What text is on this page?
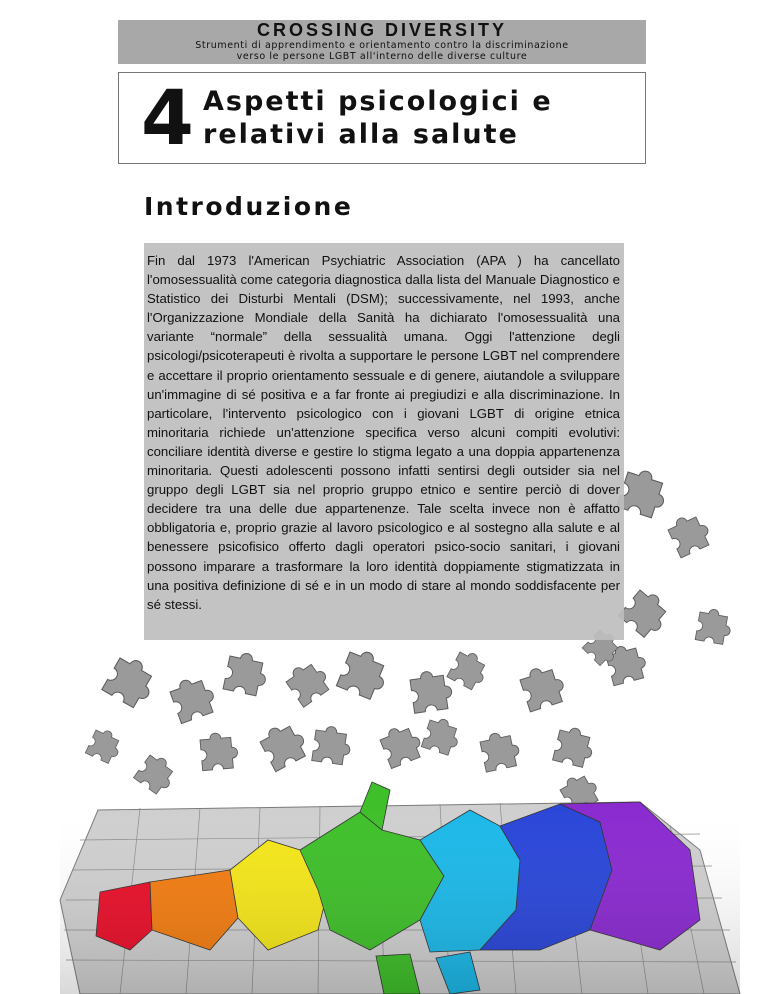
CROSSING DIVERSITY
Strumenti di apprendimento e orientamento contro la discriminazione
verso le persone LGBT all'interno delle diverse culture
4 Aspetti psicologici e
relativi alla salute
Introduzione

Fin dal 1973 l'American Psychiatric Association (APA ) ha cancellato l'omosessualità come categoria diagnostica dalla lista del Manuale Diagnostico e Statistico dei Disturbi Mentali (DSM); successivamente, nel 1993, anche l'Organizzazione Mondiale della Sanità ha dichiarato l'omosessualità una variante “normale” della sessualità umana. Oggi l'attenzione degli psicologi/psicoterapeuti è rivolta a supportare le persone LGBT nel comprendere e accettare il proprio orientamento sessuale e di genere, aiutandole a sviluppare un'immagine di sé positiva e a far fronte ai pregiudizi e alla discriminazione. In particolare, l'intervento psicologico con i giovani LGBT di origine etnica minoritaria richiede un'attenzione specifica verso alcuni compiti evolutivi: conciliare identità diverse e gestire lo stigma legato a una doppia appartenenza minoritaria. Questi adolescenti possono infatti sentirsi degli outsider sia nel gruppo degli LGBT sia nel proprio gruppo etnico e sentire perciò di dover decidere tra una delle due appartenenze. Tale scelta invece non è affatto obbligatoria e, proprio grazie al lavoro psicologico e al sostegno alla salute e al benessere psicofisico offerto dagli operatori psico-socio sanitari, i giovani possono imparare a trasformare la loro identità doppiamente stigmatizzata in una positiva definizione di sé e in un modo di stare al mondo soddisfacente per sé stessi.
